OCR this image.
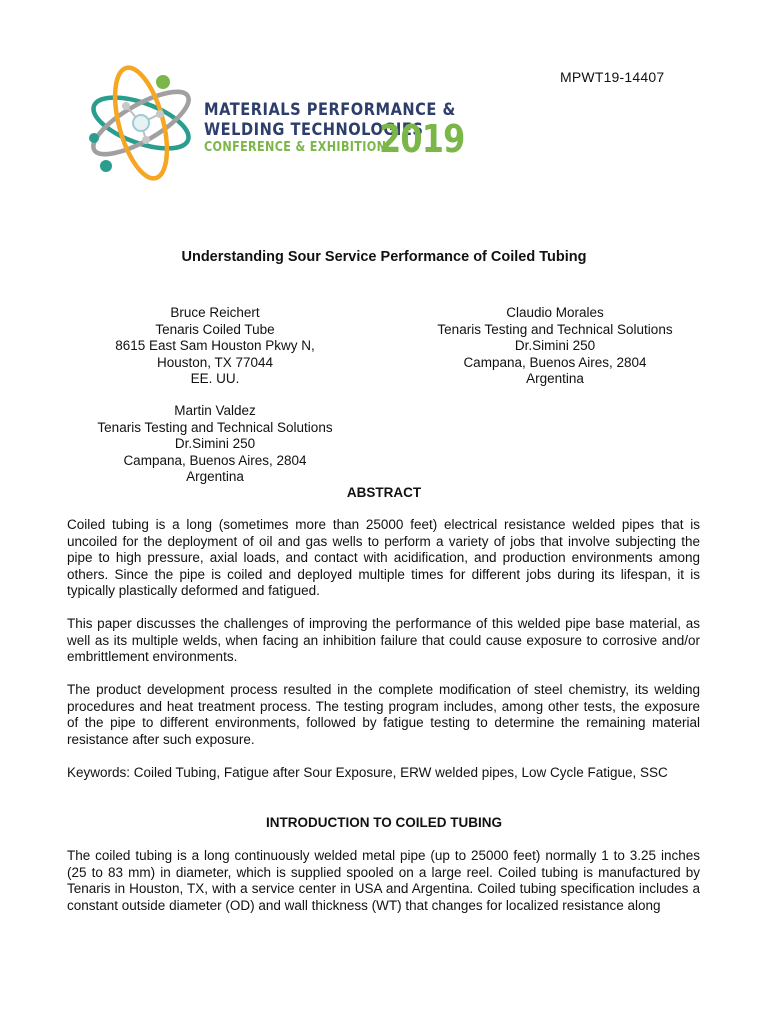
MPWT19-14407
MATERIALS PERFORMANCE &
WELDING TECHNOLOGIES
CONFERENCE & EXHIBITION
2019
Understanding Sour Service Performance of Coiled Tubing
Bruce Reichert
Tenaris Coiled Tube
8615 East Sam Houston Pkwy N,
Houston, TX 77044
EE. UU.
Claudio Morales
Tenaris Testing and Technical Solutions
Dr.Simini 250
Campana, Buenos Aires, 2804
Argentina
Martin Valdez
Tenaris Testing and Technical Solutions
Dr.Simini 250
Campana, Buenos Aires, 2804
Argentina
ABSTRACT

Coiled tubing is a long (sometimes more than 25000 feet) electrical resistance welded pipes that is uncoiled for the deployment of oil and gas wells to perform a variety of jobs that involve subjecting the pipe to high pressure, axial loads, and contact with acidification, and production environments among others. Since the pipe is coiled and deployed multiple times for different jobs during its lifespan, it is typically plastically deformed and fatigued.

This paper discusses the challenges of improving the performance of this welded pipe base material, as well as its multiple welds, when facing an inhibition failure that could cause exposure to corrosive and/or embrittlement environments.

The product development process resulted in the complete modification of steel chemistry, its welding procedures and heat treatment process. The testing program includes, among other tests, the exposure of the pipe to different environments, followed by fatigue testing to determine the remaining material resistance after such exposure.

Keywords: Coiled Tubing, Fatigue after Sour Exposure, ERW welded pipes, Low Cycle Fatigue, SSC

INTRODUCTION TO COILED TUBING

The coiled tubing is a long continuously welded metal pipe (up to 25000 feet) normally 1 to 3.25 inches (25 to 83 mm) in diameter, which is supplied spooled on a large reel. Coiled tubing is manufactured by Tenaris in Houston, TX, with a service center in USA and Argentina. Coiled tubing specification includes a constant outside diameter (OD) and wall thickness (WT) that changes for localized resistance along
